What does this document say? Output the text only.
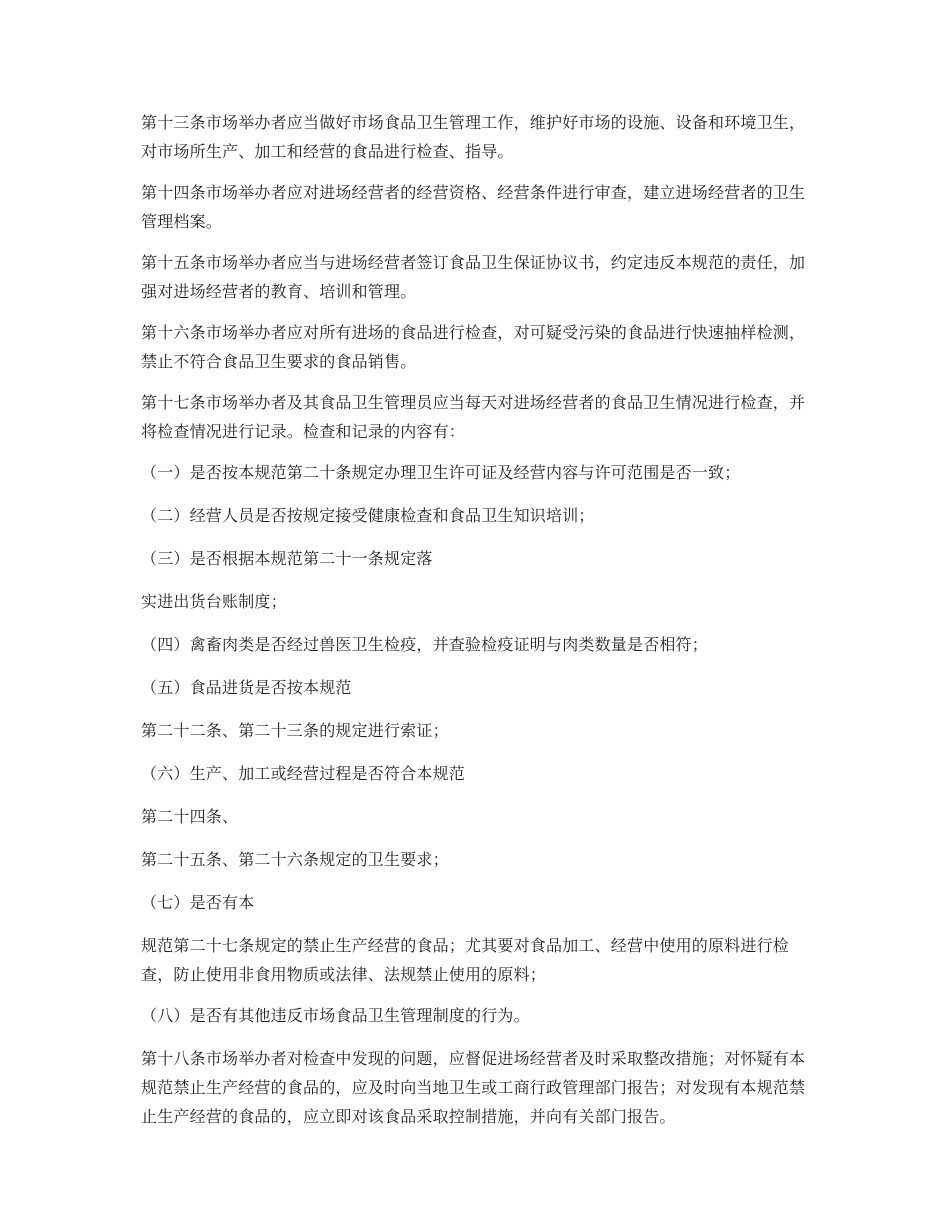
第十三条市场举办者应当做好市场食品卫生管理工作，维护好市场的设施、设备和环境卫生，对市场所生产、加工和经营的食品进行检查、指导。

第十四条市场举办者应对进场经营者的经营资格、经营条件进行审查，建立进场经营者的卫生管理档案。

第十五条市场举办者应当与进场经营者签订食品卫生保证协议书，约定违反本规范的责任，加强对进场经营者的教育、培训和管理。

第十六条市场举办者应对所有进场的食品进行检查，对可疑受污染的食品进行快速抽样检测，禁止不符合食品卫生要求的食品销售。

第十七条市场举办者及其食品卫生管理员应当每天对进场经营者的食品卫生情况进行检查，并将检查情况进行记录。检查和记录的内容有：

（一）是否按本规范第二十条规定办理卫生许可证及经营内容与许可范围是否一致；

（二）经营人员是否按规定接受健康检查和食品卫生知识培训；

（三）是否根据本规范第二十一条规定落

实进出货台账制度；

（四）禽畜肉类是否经过兽医卫生检疫，并查验检疫证明与肉类数量是否相符；

（五）食品进货是否按本规范

第二十二条、第二十三条的规定进行索证；

（六）生产、加工或经营过程是否符合本规范

第二十四条、

第二十五条、第二十六条规定的卫生要求；

（七）是否有本

规范第二十七条规定的禁止生产经营的食品；尤其要对食品加工、经营中使用的原料进行检查，防止使用非食用物质或法律、法规禁止使用的原料；

（八）是否有其他违反市场食品卫生管理制度的行为。

第十八条市场举办者对检查中发现的问题，应督促进场经营者及时采取整改措施；对怀疑有本规范禁止生产经营的食品的，应及时向当地卫生或工商行政管理部门报告；对发现有本规范禁止生产经营的食品的，应立即对该食品采取控制措施，并向有关部门报告。
